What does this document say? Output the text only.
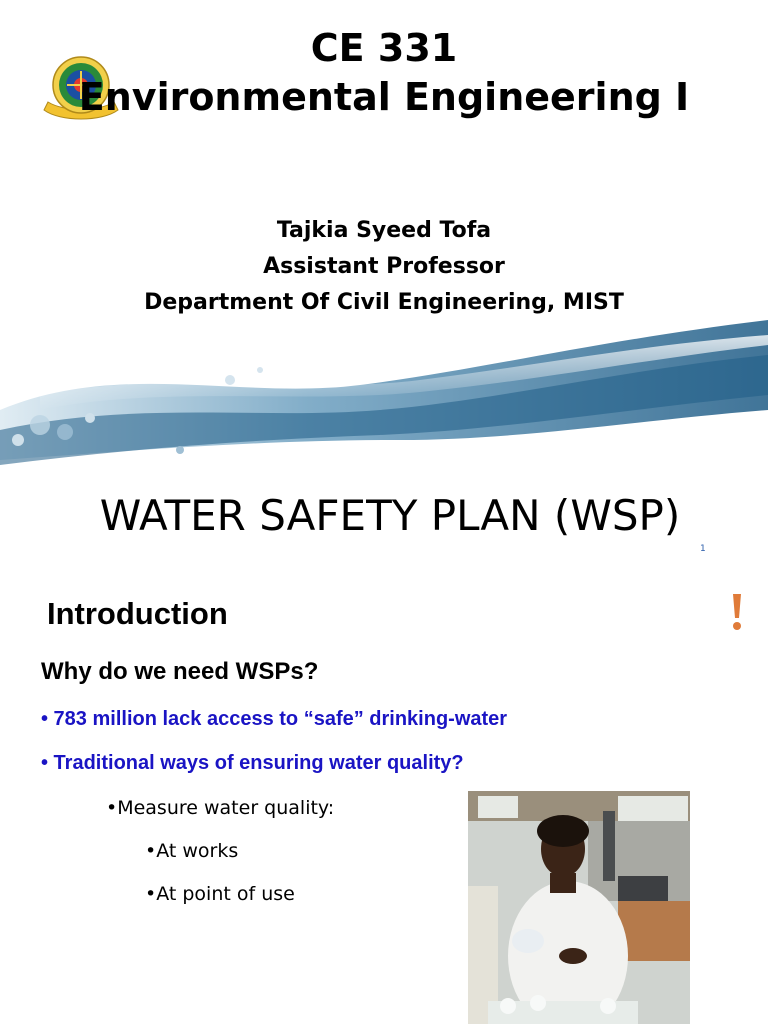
CE 331
Environmental Engineering I
Tajkia Syeed Tofa
Assistant Professor
Department Of Civil Engineering, MIST
WATER SAFETY PLAN (WSP)
1
Introduction
Why do we need WSPs?
• 783 million lack access to “safe” drinking-water
• Traditional ways of ensuring water quality?
•Measure water quality:
•At works
•At point of use
